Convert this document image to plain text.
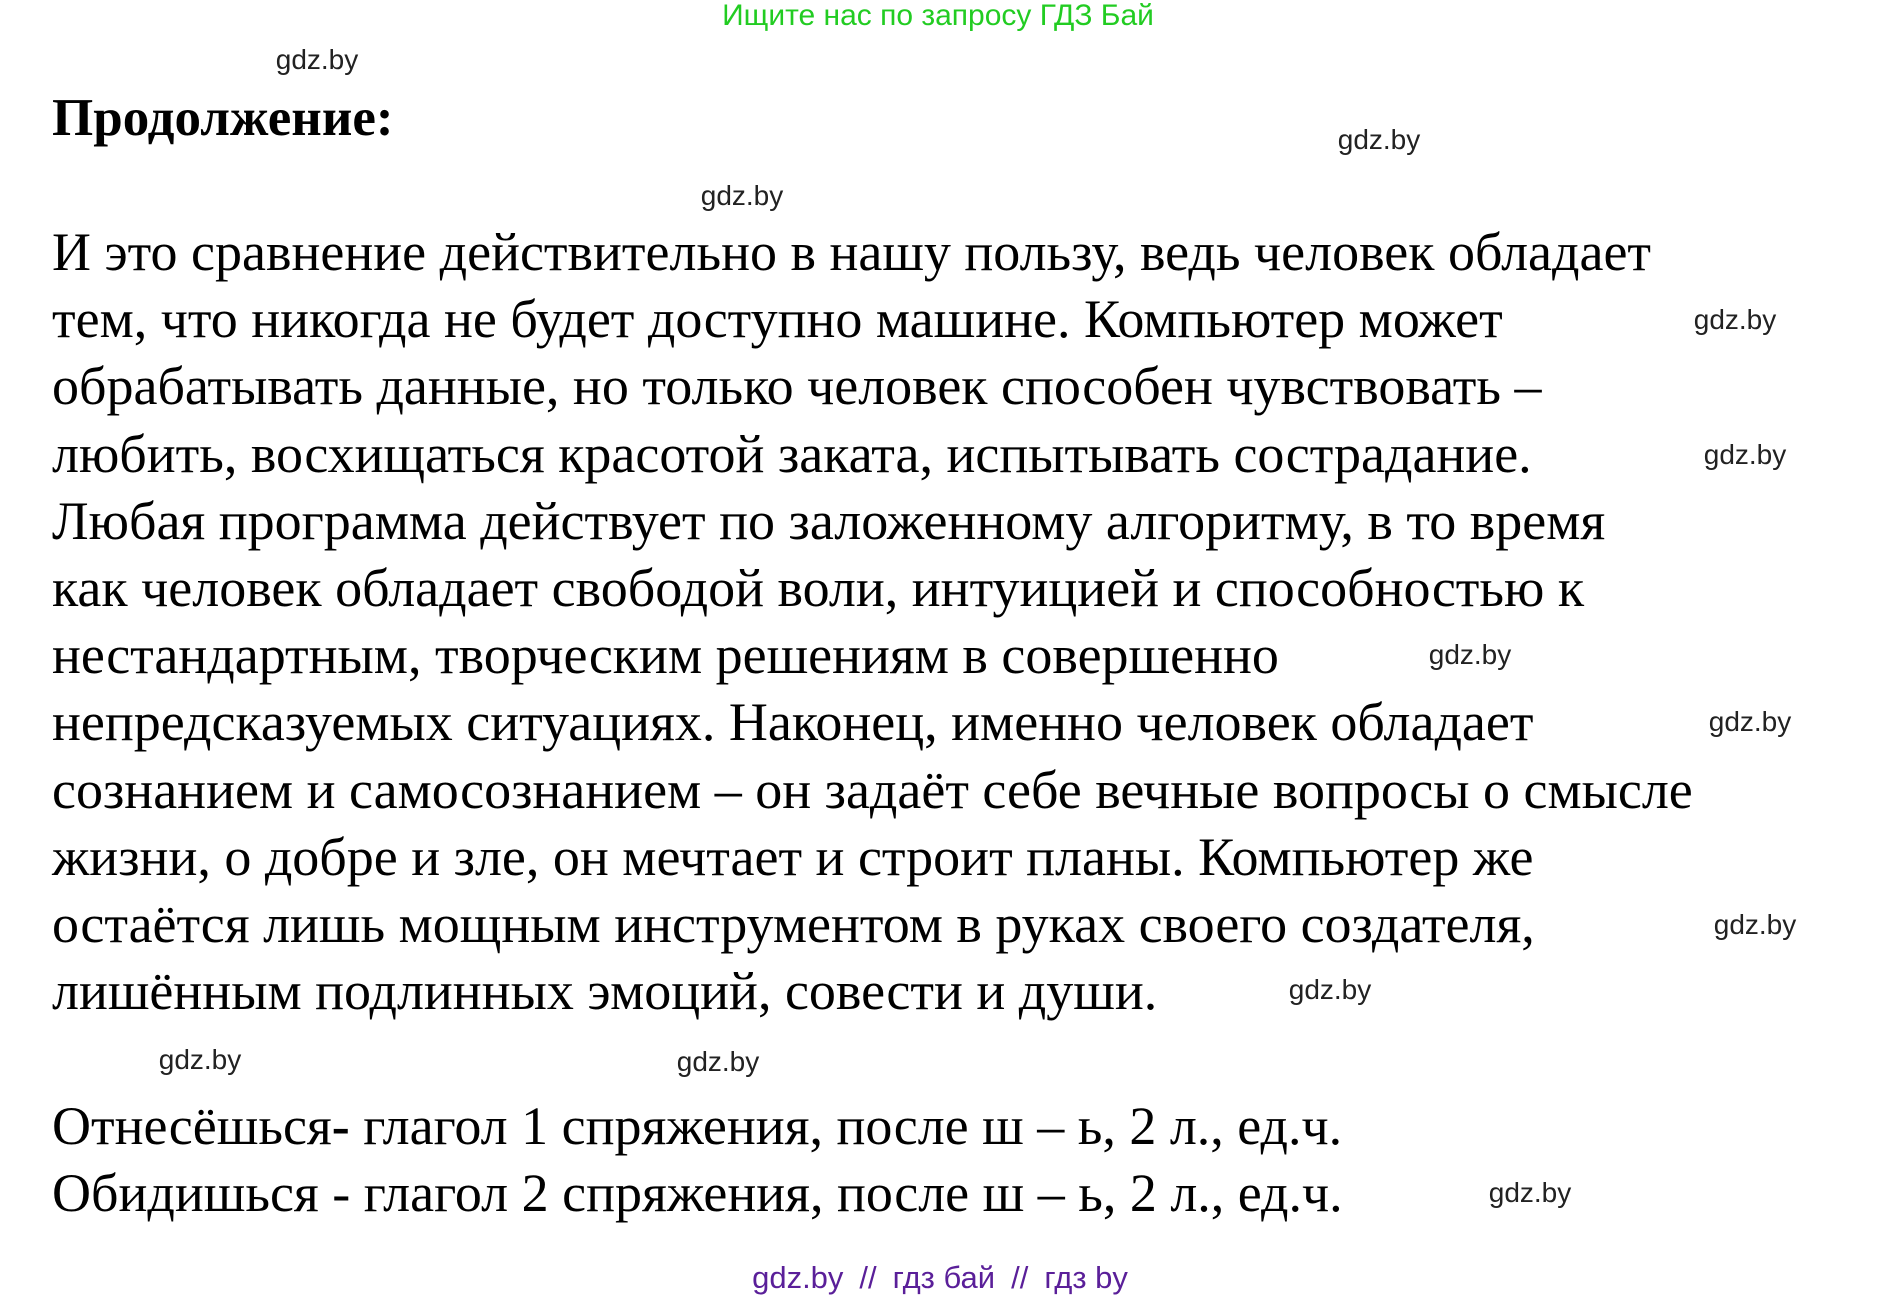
Ищите нас по запросу ГДЗ Бай
Продолжение:
И это сравнение действительно в нашу пользу, ведь человек обладает
тем, что никогда не будет доступно машине. Компьютер может
обрабатывать данные, но только человек способен чувствовать –
любить, восхищаться красотой заката, испытывать сострадание.
Любая программа действует по заложенному алгоритму, в то время
как человек обладает свободой воли, интуицией и способностью к
нестандартным, творческим решениям в совершенно
непредсказуемых ситуациях. Наконец, именно человек обладает
сознанием и самосознанием – он задаёт себе вечные вопросы о смысле
жизни, о добре и зле, он мечтает и строит планы. Компьютер же
остаётся лишь мощным инструментом в руках своего создателя,
лишённым подлинных эмоций, совести и души.
Отнесёшься- глагол 1 спряжения, после ш – ь, 2 л., ед.ч.
Обидишься - глагол 2 спряжения, после ш – ь, 2 л., ед.ч.
gdz.by
gdz.by
gdz.by
gdz.by
gdz.by
gdz.by
gdz.by
gdz.by
gdz.by
gdz.by	gdz.by
gdz.by
gdz.by // гдз бай // гдз by
